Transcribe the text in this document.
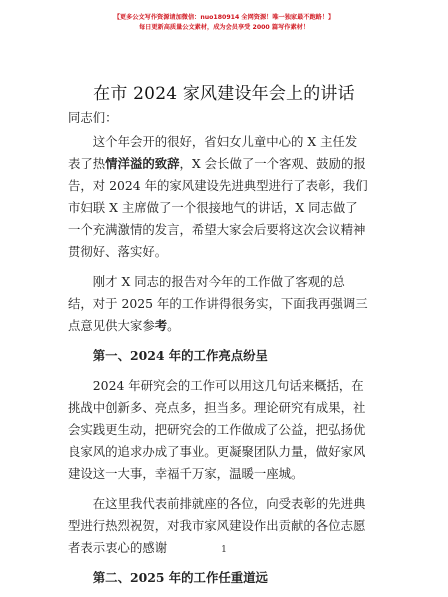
【更多公文写作资源请加微信：nuo180914 全网资源！唯一独家最不跑路！】
每日更新高质量公文素材，成为会员享受 2000 篇写作素材！
在市 2024 家风建设年会上的讲话

同志们：

这个年会开的很好，省妇女儿童中心的 X 主任发表了热情洋溢的致辞，X 会长做了一个客观、鼓励的报告，对 2024 年的家风建设先进典型进行了表彰，我们市妇联 X 主席做了一个很接地气的讲话，X 同志做了一个充满激情的发言，希望大家会后要将这次会议精神贯彻好、落实好。

刚才 X 同志的报告对今年的工作做了客观的总结，对于 2025 年的工作讲得很务实，下面我再强调三点意见供大家参考。

第一、2024 年的工作亮点纷呈

2024 年研究会的工作可以用这几句话来概括，在挑战中创新多、亮点多，担当多。理论研究有成果，社会实践更生动，把研究会的工作做成了公益，把弘扬优良家风的追求办成了事业。更凝聚团队力量，做好家风建设这一大事，幸福千万家，温暖一座城。

在这里我代表前排就座的各位，向受表彰的先进典型进行热烈祝贺，对我市家风建设作出贡献的各位志愿者表示衷心的感谢

第二、2025 年的工作任重道远

1
